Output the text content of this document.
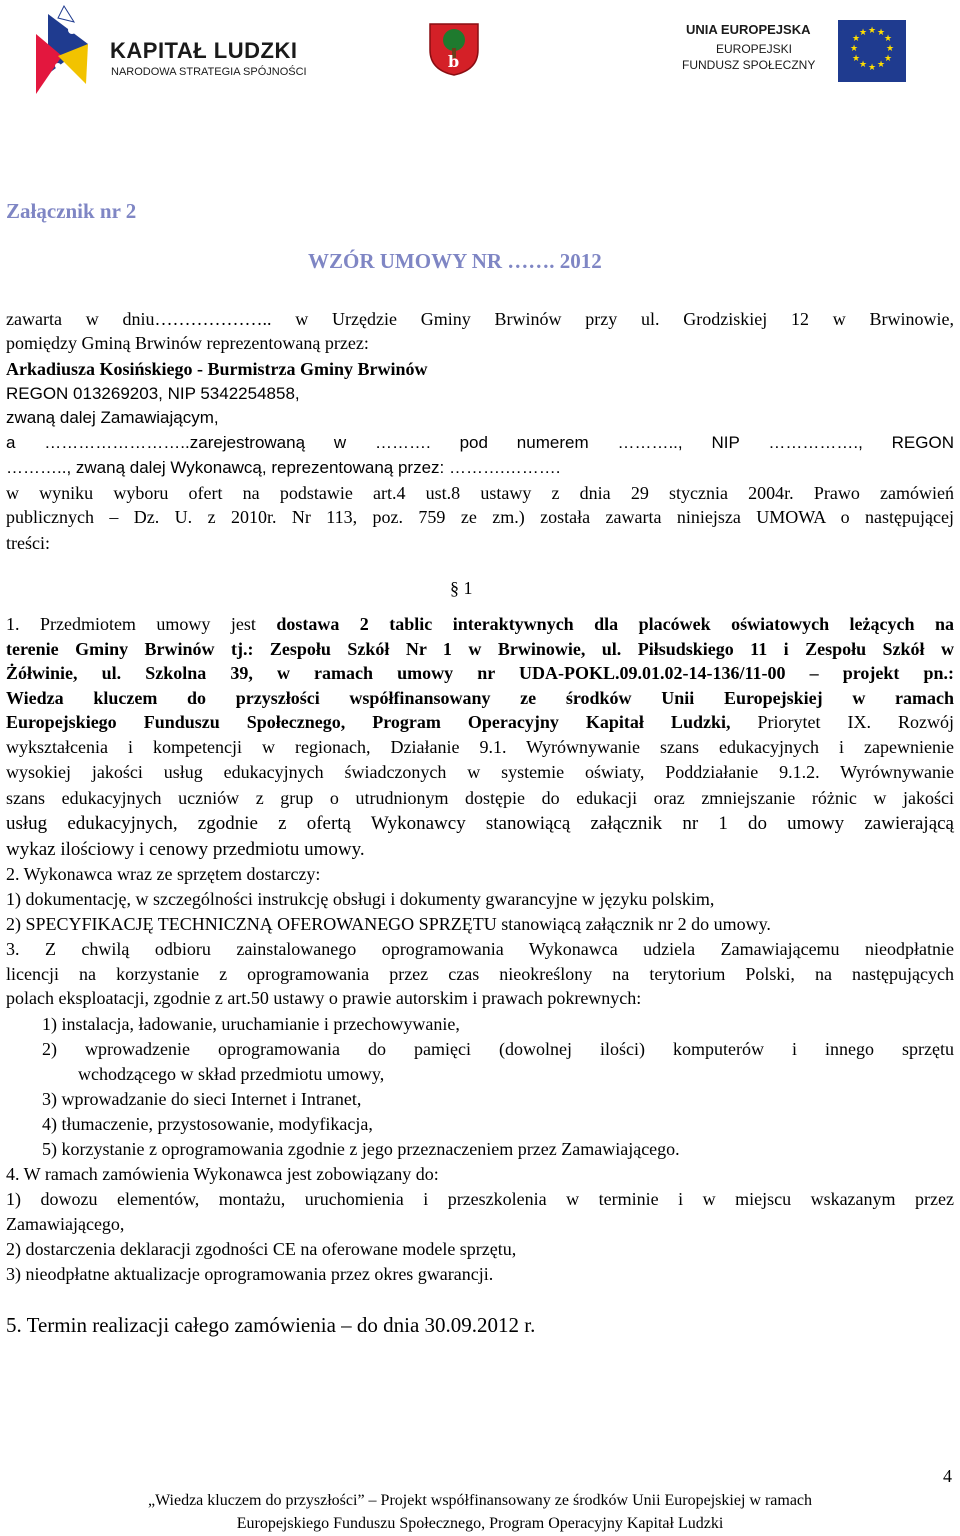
KAPITAŁ LUDZKI
NARODOWA STRATEGIA SPÓJNOŚCI
b
UNIA EUROPEJSKA
EUROPEJSKI
FUNDUSZ SPOŁECZNY
★ ★
★
★
★
★
★
★
★
★
★
★
Załącznik nr 2
WZÓR UMOWY NR ……. 2012
zawarta w dniu……………….. w Urzędzie Gminy Brwinów przy ul. Grodziskiej 12 w Brwinowie,
pomiędzy Gminą Brwinów reprezentowaną przez:
Arkadiusza Kosińskiego - Burmistrza Gminy Brwinów
REGON 013269203, NIP 5342254858,
zwaną dalej Zamawiającym,
a ……………………..zarejestrowaną w ………. pod numerem ……….., NIP ……………., REGON
……….., zwaną dalej Wykonawcą, reprezentowaną przez: ……….……….
w wyniku wyboru ofert na podstawie art.4 ust.8 ustawy z dnia 29 stycznia 2004r. Prawo zamówień
publicznych – Dz. U. z 2010r. Nr 113, poz. 759 ze zm.) została zawarta niniejsza UMOWA o następującej
treści:
§ 1
1. Przedmiotem umowy jest dostawa 2 tablic interaktywnych dla placówek oświatowych leżących na
terenie Gminy Brwinów tj.: Zespołu Szkół Nr 1 w Brwinowie, ul. Piłsudskiego 11 i Zespołu Szkół w
Żółwinie, ul. Szkolna 39, w ramach umowy nr UDA-POKL.09.01.02-14-136/11-00 – projekt pn.:
Wiedza kluczem do przyszłości współfinansowany ze środków Unii Europejskiej w ramach
Europejskiego Funduszu Społecznego, Program Operacyjny Kapitał Ludzki, Priorytet IX. Rozwój
wykształcenia i kompetencji w regionach, Działanie 9.1. Wyrównywanie szans edukacyjnych i zapewnienie
wysokiej jakości usług edukacyjnych świadczonych w systemie oświaty, Poddziałanie 9.1.2. Wyrównywanie
szans edukacyjnych uczniów z grup o utrudnionym dostępie do edukacji oraz zmniejszanie różnic w jakości
usług edukacyjnych, zgodnie z ofertą Wykonawcy stanowiącą załącznik nr 1 do umowy zawierającą
wykaz ilościowy i cenowy przedmiotu umowy.
2. Wykonawca wraz ze sprzętem dostarczy:
1) dokumentację, w szczególności instrukcję obsługi i dokumenty gwarancyjne w języku polskim,
2) SPECYFIKACJĘ TECHNICZNĄ OFEROWANEGO SPRZĘTU stanowiącą załącznik nr 2 do umowy.
3. Z chwilą odbioru zainstalowanego oprogramowania Wykonawca udziela Zamawiającemu nieodpłatnie
licencji na korzystanie z oprogramowania przez czas nieokreślony na terytorium Polski, na następujących
polach eksploatacji, zgodnie z art.50 ustawy o prawie autorskim i prawach pokrewnych:
1) instalacja, ładowanie, uruchamianie i przechowywanie,
2) wprowadzenie oprogramowania do pamięci (dowolnej ilości) komputerów i innego sprzętu
wchodzącego w skład przedmiotu umowy,
3) wprowadzanie do sieci Internet i Intranet,
4) tłumaczenie, przystosowanie, modyfikacja,
5) korzystanie z oprogramowania zgodnie z jego przeznaczeniem przez Zamawiającego.
4. W ramach zamówienia Wykonawca jest zobowiązany do:
1) dowozu elementów, montażu, uruchomienia i przeszkolenia w terminie i w miejscu wskazanym przez
Zamawiającego,
2) dostarczenia deklaracji zgodności CE na oferowane modele sprzętu,
3) nieodpłatne aktualizacje oprogramowania przez okres gwarancji.
5. Termin realizacji całego zamówienia – do dnia 30.09.2012 r.
4
„Wiedza kluczem do przyszłości” – Projekt współfinansowany ze środków Unii Europejskiej w ramach
Europejskiego Funduszu Społecznego, Program Operacyjny Kapitał Ludzki
